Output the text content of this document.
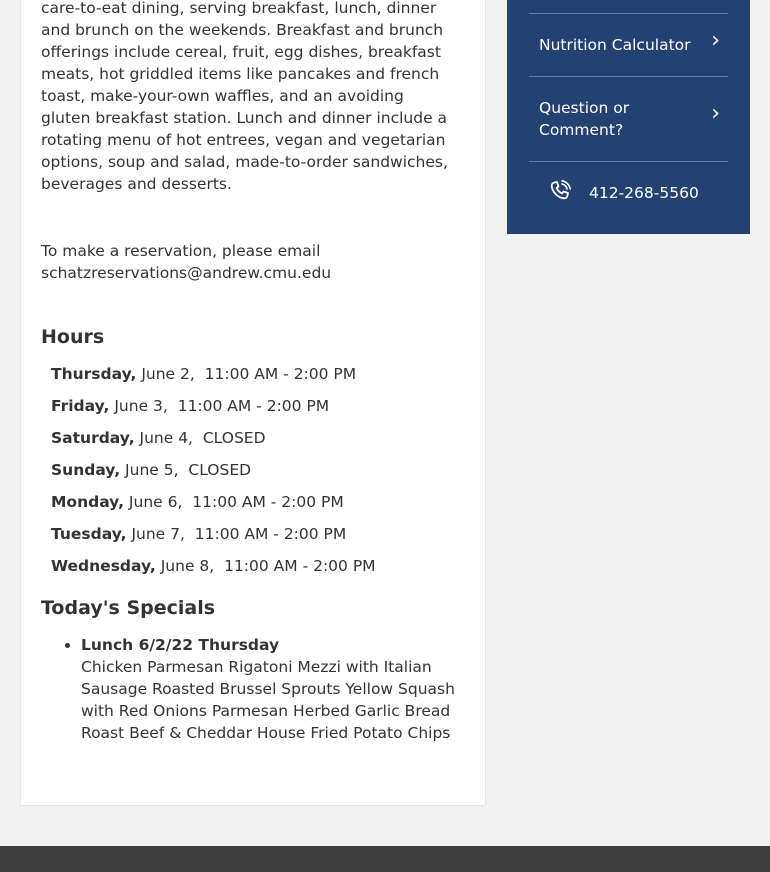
care-to-eat dining, serving breakfast, lunch, dinner and brunch on the weekends. Breakfast and brunch offerings include cereal, fruit, egg dishes, breakfast meats, hot griddled items like pancakes and french toast, make-your-own waffles, and an avoiding gluten breakfast station. Lunch and dinner include a rotating menu of hot entrees, vegan and vegetarian options, soup and salad, made-to-order sandwiches, beverages and desserts.

To make a reservation, please email schatzreservations@andrew.cmu.edu

Hours
Thursday, June 2, 11:00 AM - 2:00 PM
Friday, June 3, 11:00 AM - 2:00 PM
Saturday, June 4, CLOSED
Sunday, June 5, CLOSED
Monday, June 6, 11:00 AM - 2:00 PM
Tuesday, June 7, 11:00 AM - 2:00 PM
Wednesday, June 8, 11:00 AM - 2:00 PM
Today's Specials
• Lunch 6/2/22 Thursday
Chicken Parmesan Rigatoni Mezzi with Italian Sausage Roasted Brussel Sprouts Yellow Squash with Red Onions Parmesan Herbed Garlic Bread Roast Beef & Cheddar House Fried Potato Chips
Nutrition Calculator ›
Question or Comment?
›
412-268-5560
